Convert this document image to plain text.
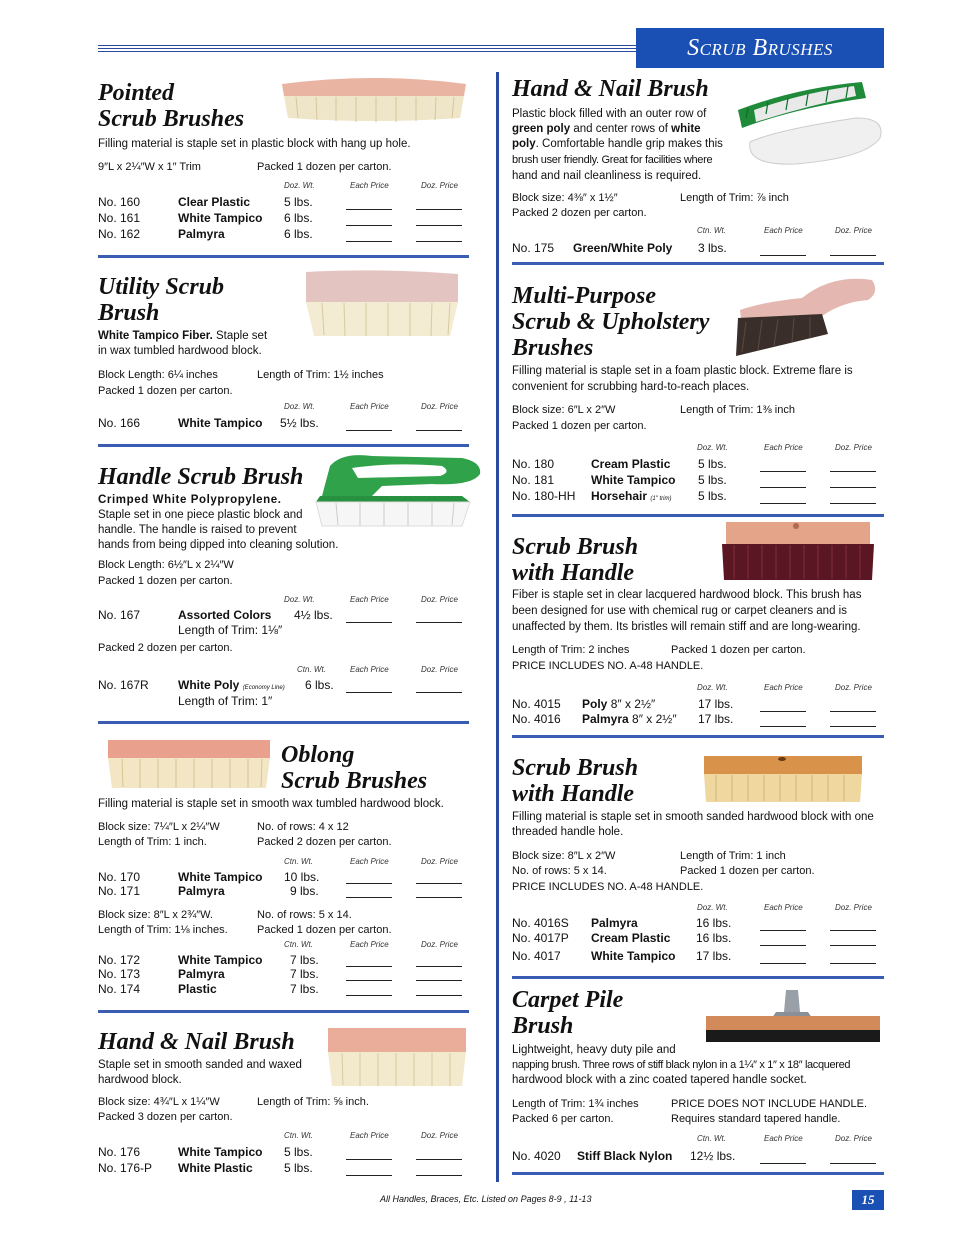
Scrub Brushes
Pointed
Scrub Brushes
Filling material is staple set in plastic block with hang up hole.
9″L x 2¼″W x 1″ Trim	Packed 1 dozen per carton.
Doz. Wt.	Each Price	Doz. Price
No. 160	Clear Plastic	5 lbs.
No. 161	White Tampico 6 lbs.
No. 162	Palmyra	6 lbs.
Utility Scrub
Brush
White Tampico Fiber. Staple set
in wax tumbled hardwood block.
Block Length: 6¼ inches	Length of Trim: 1½ inches
Packed 1 dozen per carton.
Doz. Wt.	Each Price	Doz. Price
No. 166	White Tampico 5½ lbs.
Handle Scrub Brush
Crimped White Polypropylene.
Staple set in one piece plastic block and
handle. The handle is raised to prevent
hands from being dipped into cleaning solution.
Block Length: 6½″L x 2¼″W
Packed 1 dozen per carton.
Doz. Wt.	Each Price	Doz. Price
No. 167	Assorted Colors 4½ lbs.
Length of Trim: 1⅛″
Packed 2 dozen per carton.
Ctn. Wt.	Each Price	Doz. Price
No. 167R White Poly (Economy Line) 6 lbs.
Length of Trim: 1″
Oblong
Scrub Brushes
Filling material is staple set in smooth wax tumbled hardwood block.
Block size: 7¼″L x 2¼″W	No. of rows: 4 x 12
Length of Trim: 1 inch.	Packed 2 dozen per carton.
Ctn. Wt.	Each Price	Doz. Price
No. 170	White Tampico 10 lbs.
No. 171	Palmyra	9 lbs.
Block size: 8″L x 2¾″W.	No. of rows: 5 x 14.
Length of Trim: 1⅛ inches.	Packed 1 dozen per carton.
Ctn. Wt.	Each Price	Doz. Price
No. 172	White Tampico 7 lbs.
No. 173	Palmyra	7 lbs.
No. 174	Plastic	7 lbs.
Hand & Nail Brush
Staple set in smooth sanded and waxed
hardwood block.
Block size: 4¾″L x 1¼″W	Length of Trim: ⅝ inch.
Packed 3 dozen per carton.
Ctn. Wt.	Each Price	Doz. Price
No. 176	White Tampico 5 lbs.
No. 176-P White Plastic	5 lbs.
Hand & Nail Brush
Plastic block filled with an outer row of
green poly and center rows of white
poly. Comfortable handle grip makes this
brush user friendly. Great for facilities where
hand and nail cleanliness is required.
Block size: 4⅜″ x 1½″	Length of Trim: ⅞ inch
Packed 2 dozen per carton.
Ctn. Wt.	Each Price	Doz. Price
No. 175 Green/White Poly 3 lbs.
Multi-Purpose
Scrub & Upholstery
Brushes
Filling material is staple set in a foam plastic block. Extreme flare is
convenient for scrubbing hard-to-reach places.
Block size: 6″L x 2″W	Length of Trim: 1⅜ inch
Packed 1 dozen per carton.
Doz. Wt.	Each Price	Doz. Price
No. 180	Cream Plastic 5 lbs.
No. 181	White Tampico 5 lbs.
No. 180-HH Horsehair (1″ trim) 5 lbs.
Scrub Brush
with Handle
Fiber is staple set in clear lacquered hardwood block. This brush has
been designed for use with chemical rug or carpet cleaners and is
unaffected by them. Its bristles will remain stiff and are long-wearing.
Length of Trim: 2 inches	Packed 1 dozen per carton.
PRICE INCLUDES NO. A-48 HANDLE.
Doz. Wt.	Each Price	Doz. Price
No. 4015 Poly 8″ x 2½″	17 lbs.
No. 4016 Palmyra 8″ x 2½″ 17 lbs.
Scrub Brush
with Handle
Filling material is staple set in smooth sanded hardwood block with one
threaded handle hole.
Block size: 8″L x 2″W	Length of Trim: 1 inch
No. of rows: 5 x 14.	Packed 1 dozen per carton.
PRICE INCLUDES NO. A-48 HANDLE.
Doz. Wt.	Each Price	Doz. Price
No. 4016S Palmyra	16 lbs.
No. 4017P Cream Plastic 16 lbs.
No. 4017	White Tampico 17 lbs.
Carpet Pile
Brush
Lightweight, heavy duty pile and
napping brush. Three rows of stiff black nylon in a 1¼″ x 1″ x 18″ lacquered
hardwood block with a zinc coated tapered handle socket.
Length of Trim: 1¾ inches	PRICE DOES NOT INCLUDE HANDLE.
Packed 6 per carton.	Requires standard tapered handle.
Ctn. Wt.	Each Price	Doz. Price
No. 4020 Stiff Black Nylon 12½ lbs.
All Handles, Braces, Etc. Listed on Pages 8-9 , 11-13	15
